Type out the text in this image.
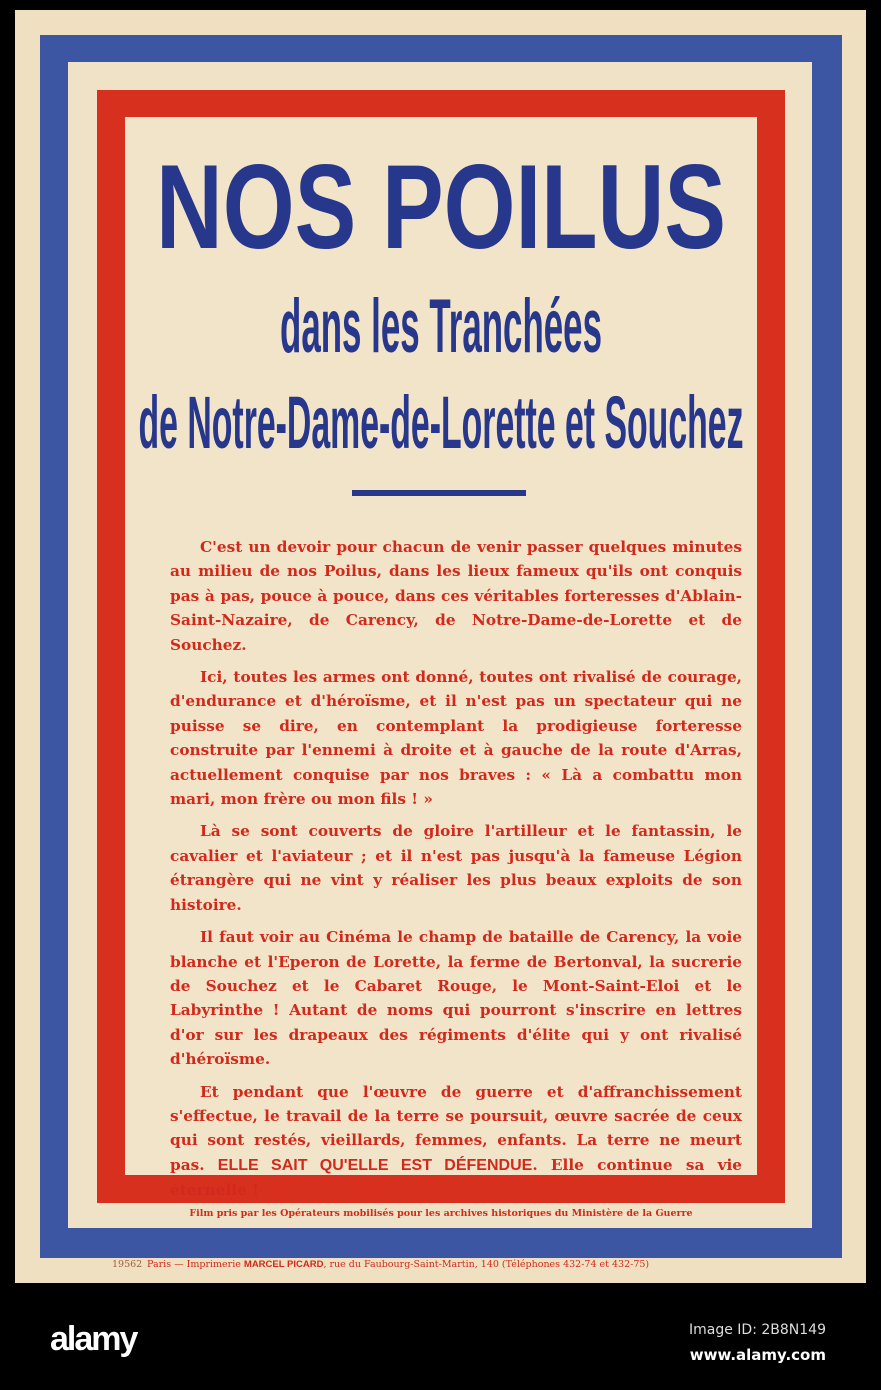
NOS POILUS
dans les Tranchées
de Notre-Dame-de-Lorette et Souchez

C'est un devoir pour chacun de venir passer quelques minutes au milieu de nos Poilus, dans les lieux fameux qu'ils ont conquis pas à pas, pouce à pouce, dans ces véritables forteresses d'Ablain-Saint-Nazaire, de Carency, de Notre-Dame-de-Lorette et de Souchez.

Ici, toutes les armes ont donné, toutes ont rivalisé de courage, d'endurance et d'héroïsme, et il n'est pas un spectateur qui ne puisse se dire, en contemplant la prodigieuse forteresse construite par l'ennemi à droite et à gauche de la route d'Arras, actuellement conquise par nos braves : « Là a combattu mon mari, mon frère ou mon fils ! »

Là se sont couverts de gloire l'artilleur et le fantassin, le cavalier et l'aviateur ; et il n'est pas jusqu'à la fameuse Légion étrangère qui ne vint y réaliser les plus beaux exploits de son histoire.

Il faut voir au Cinéma le champ de bataille de Carency, la voie blanche et l'Eperon de Lorette, la ferme de Bertonval, la sucrerie de Souchez et le Cabaret Rouge, le Mont-Saint-Eloi et le Labyrinthe ! Autant de noms qui pourront s'inscrire en lettres d'or sur les drapeaux des régiments d'élite qui y ont rivalisé d'héroïsme.

Et pendant que l'œuvre de guerre et d'affranchissement s'effectue, le travail de la terre se poursuit, œuvre sacrée de ceux qui sont restés, vieillards, femmes, enfants. La terre ne meurt pas. ELLE SAIT QU'ELLE EST DÉFENDUE. Elle continue sa vie éternelle !

Film pris par les Opérateurs mobilisés pour les archives historiques du Ministère de la Guerre
19562 Paris — Imprimerie MARCEL PICARD, rue du Faubourg-Saint-Martin, 140 (Téléphones 432-74 et 432-75)
alamy	Image ID: 2B8N149
www.alamy.com
